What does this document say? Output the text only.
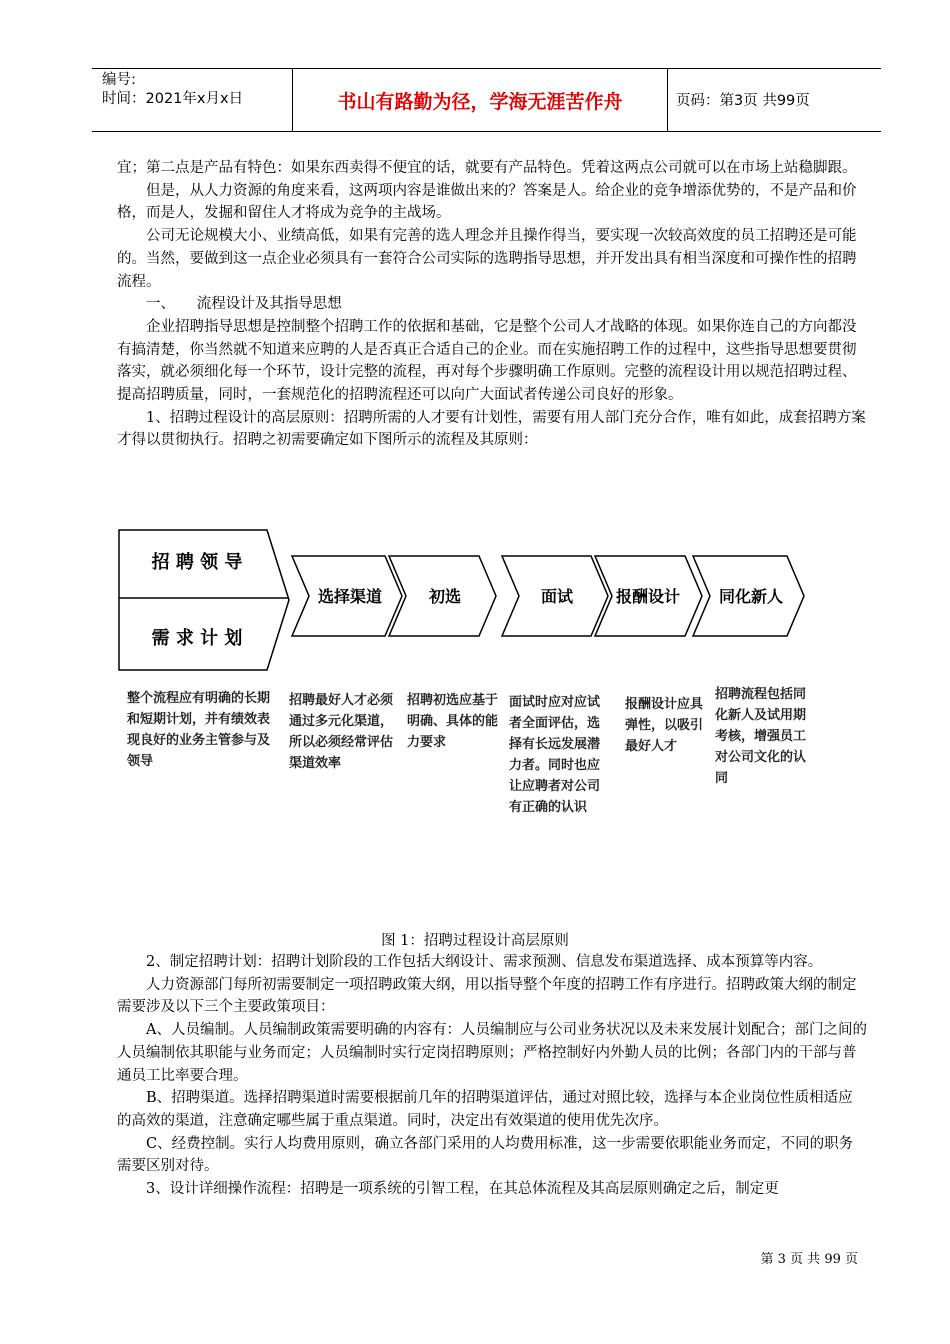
编号:
时间：2021年x月x日	书山有路勤为径，学海无涯苦作舟	页码：第3页 共99页

宜；第二点是产品有特色：如果东西卖得不便宜的话，就要有产品特色。凭着这两点公司就可以在市场上站稳脚跟。

但是，从人力资源的角度来看，这两项内容是谁做出来的？答案是人。给企业的竞争增添优势的，不是产品和价格，而是人，发掘和留住人才将成为竞争的主战场。

公司无论规模大小、业绩高低，如果有完善的选人理念并且操作得当，要实现一次较高效度的员工招聘还是可能的。当然，要做到这一点企业必须具有一套符合公司实际的选聘指导思想，并开发出具有相当深度和可操作性的招聘流程。

一、　　流程设计及其指导思想

企业招聘指导思想是控制整个招聘工作的依据和基础，它是整个公司人才战略的体现。如果你连自己的方向都没有搞清楚，你当然就不知道来应聘的人是否真正合适自己的企业。而在实施招聘工作的过程中，这些指导思想要贯彻落实，就必须细化每一个环节，设计完整的流程，再对每个步骤明确工作原则。完整的流程设计用以规范招聘过程、提高招聘质量，同时，一套规范化的招聘流程还可以向广大面试者传递公司良好的形象。

1、招聘过程设计的高层原则：招聘所需的人才要有计划性，需要有用人部门充分合作，唯有如此，成套招聘方案才得以贯彻执行。招聘之初需要确定如下图所示的流程及其原则：

招 聘 领 导
需 求 计 划
选择渠道	初选	面试	报酬设计 同化新人
整个流程应有明确的长期和短期计划，并有绩效表现良好的业务主管参与及领导
招聘最好人才必须通过多元化渠道，所以必须经常评估渠道效率
招聘初选应基于明确、具体的能力要求
面试时应对应试者全面评估，选择有长远发展潜力者。同时也应让应聘者对公司有正确的认识
报酬设计应具弹性，以吸引最好人才
招聘流程包括同化新人及试用期考核，增强员工对公司文化的认同
图 1：招聘过程设计高层原则

2、制定招聘计划：招聘计划阶段的工作包括大纲设计、需求预测、信息发布渠道选择、成本预算等内容。

人力资源部门每所初需要制定一项招聘政策大纲，用以指导整个年度的招聘工作有序进行。招聘政策大纲的制定需要涉及以下三个主要政策项目：

A、人员编制。人员编制政策需要明确的内容有：人员编制应与公司业务状况以及未来发展计划配合；部门之间的人员编制依其职能与业务而定；人员编制时实行定岗招聘原则；严格控制好内外勤人员的比例；各部门内的干部与普通员工比率要合理。

B、招聘渠道。选择招聘渠道时需要根据前几年的招聘渠道评估，通过对照比较，选择与本企业岗位性质相适应的高效的渠道，注意确定哪些属于重点渠道。同时，决定出有效渠道的使用优先次序。

C、经费控制。实行人均费用原则，确立各部门采用的人均费用标准，这一步需要依职能业务而定，不同的职务需要区别对待。

3、设计详细操作流程：招聘是一项系统的引智工程，在其总体流程及其高层原则确定之后，制定更

第 3 页 共 99 页
